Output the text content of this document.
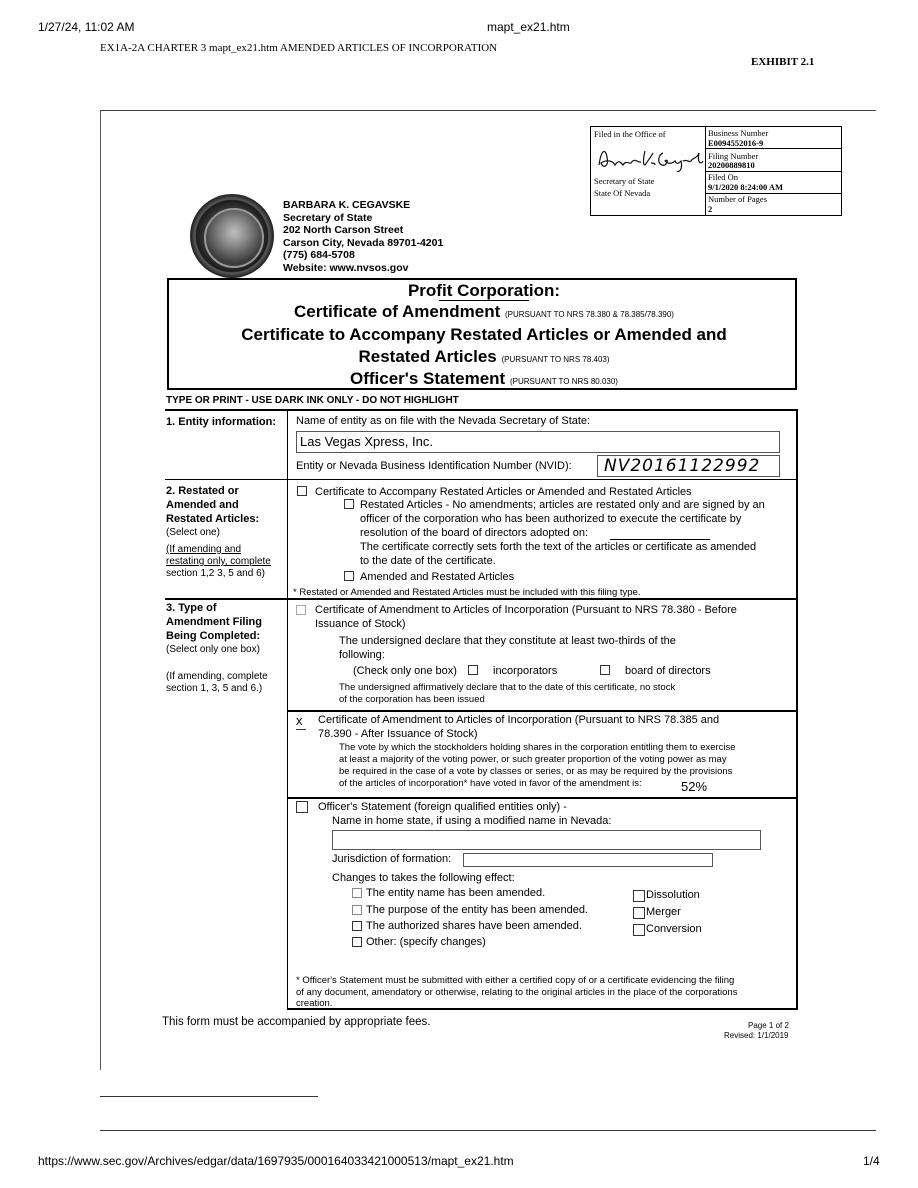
1/27/24, 11:02 AM	mapt_ex21.htm
EX1A-2A CHARTER 3 mapt_ex21.htm AMENDED ARTICLES OF INCORPORATION
EXHIBIT 2.1
Filed in the Office of
Secretary of State
State Of Nevada
Business Number
E0094552016-9
Filing Number
20200889810
Filed On
9/1/2020 8:24:00 AM
Number of Pages
2
BARBARA K. CEGAVSKE
Secretary of State
202 North Carson Street
Carson City, Nevada 89701-4201
(775) 684-5708
Website: www.nvsos.gov
Profit Corporation:
Certificate of Amendment (PURSUANT TO NRS 78.380 & 78.385/78.390)
Certificate to Accompany Restated Articles or Amended and
Restated Articles (PURSUANT TO NRS 78.403)
Officer's Statement (PURSUANT TO NRS 80.030)
TYPE OR PRINT - USE DARK INK ONLY - DO NOT HIGHLIGHT
1. Entity information: Name of entity as on file with the Nevada Secretary of State:
Las Vegas Xpress, Inc.
Entity or Nevada Business Identification Number (NVID): NV20161122992
2. Restated or
Amended and
Restated Articles:
(Select one)
(If amending and
restating only, complete
section 1,2 3, 5 and 6)
Certificate to Accompany Restated Articles or Amended and Restated Articles
Restated Articles - No amendments; articles are restated only and are signed by an
officer of the corporation who has been authorized to execute the certificate by
resolution of the board of directors adopted on:
The certificate correctly sets forth the text of the articles or certificate as amended
to the date of the certificate.
Amended and Restated Articles
* Restated or Amended and Restated Articles must be included with this filing type.
3. Type of
Amendment Filing
Being Completed:
(Select only one box)
(If amending, complete
section 1, 3, 5 and 6.)
Certificate of Amendment to Articles of Incorporation (Pursuant to NRS 78.380 - Before
Issuance of Stock)
The undersigned declare that they constitute at least two-thirds of the
following:
(Check only one box)	incorporators	board of directors
The undersigned affirmatively declare that to the date of this certificate, no stock
of the corporation has been issued
x Certificate of Amendment to Articles of Incorporation (Pursuant to NRS 78.385 and
78.390 - After Issuance of Stock)
The vote by which the stockholders holding shares in the corporation entitling them to exercise
at least a majority of the voting power, or such greater proportion of the voting power as may
be required in the case of a vote by classes or series, or as may be required by the provisions
of the articles of incorporation* have voted in favor of the amendment is:	52%
Officer's Statement (foreign qualified entities only) -
Name in home state, if using a modified name in Nevada:
Jurisdiction of formation:
Changes to takes the following effect:
The entity name has been amended.
The purpose of the entity has been amended.
The authorized shares have been amended.
Other: (specify changes)
Dissolution
Merger
Conversion
* Officer's Statement must be submitted with either a certified copy of or a certificate evidencing the filing
of any document, amendatory or otherwise, relating to the original articles in the place of the corporations
creation.
This form must be accompanied by appropriate fees.	Page 1 of 2
Revised: 1/1/2019
https://www.sec.gov/Archives/edgar/data/1697935/000164033421000513/mapt_ex21.htm	1/4
